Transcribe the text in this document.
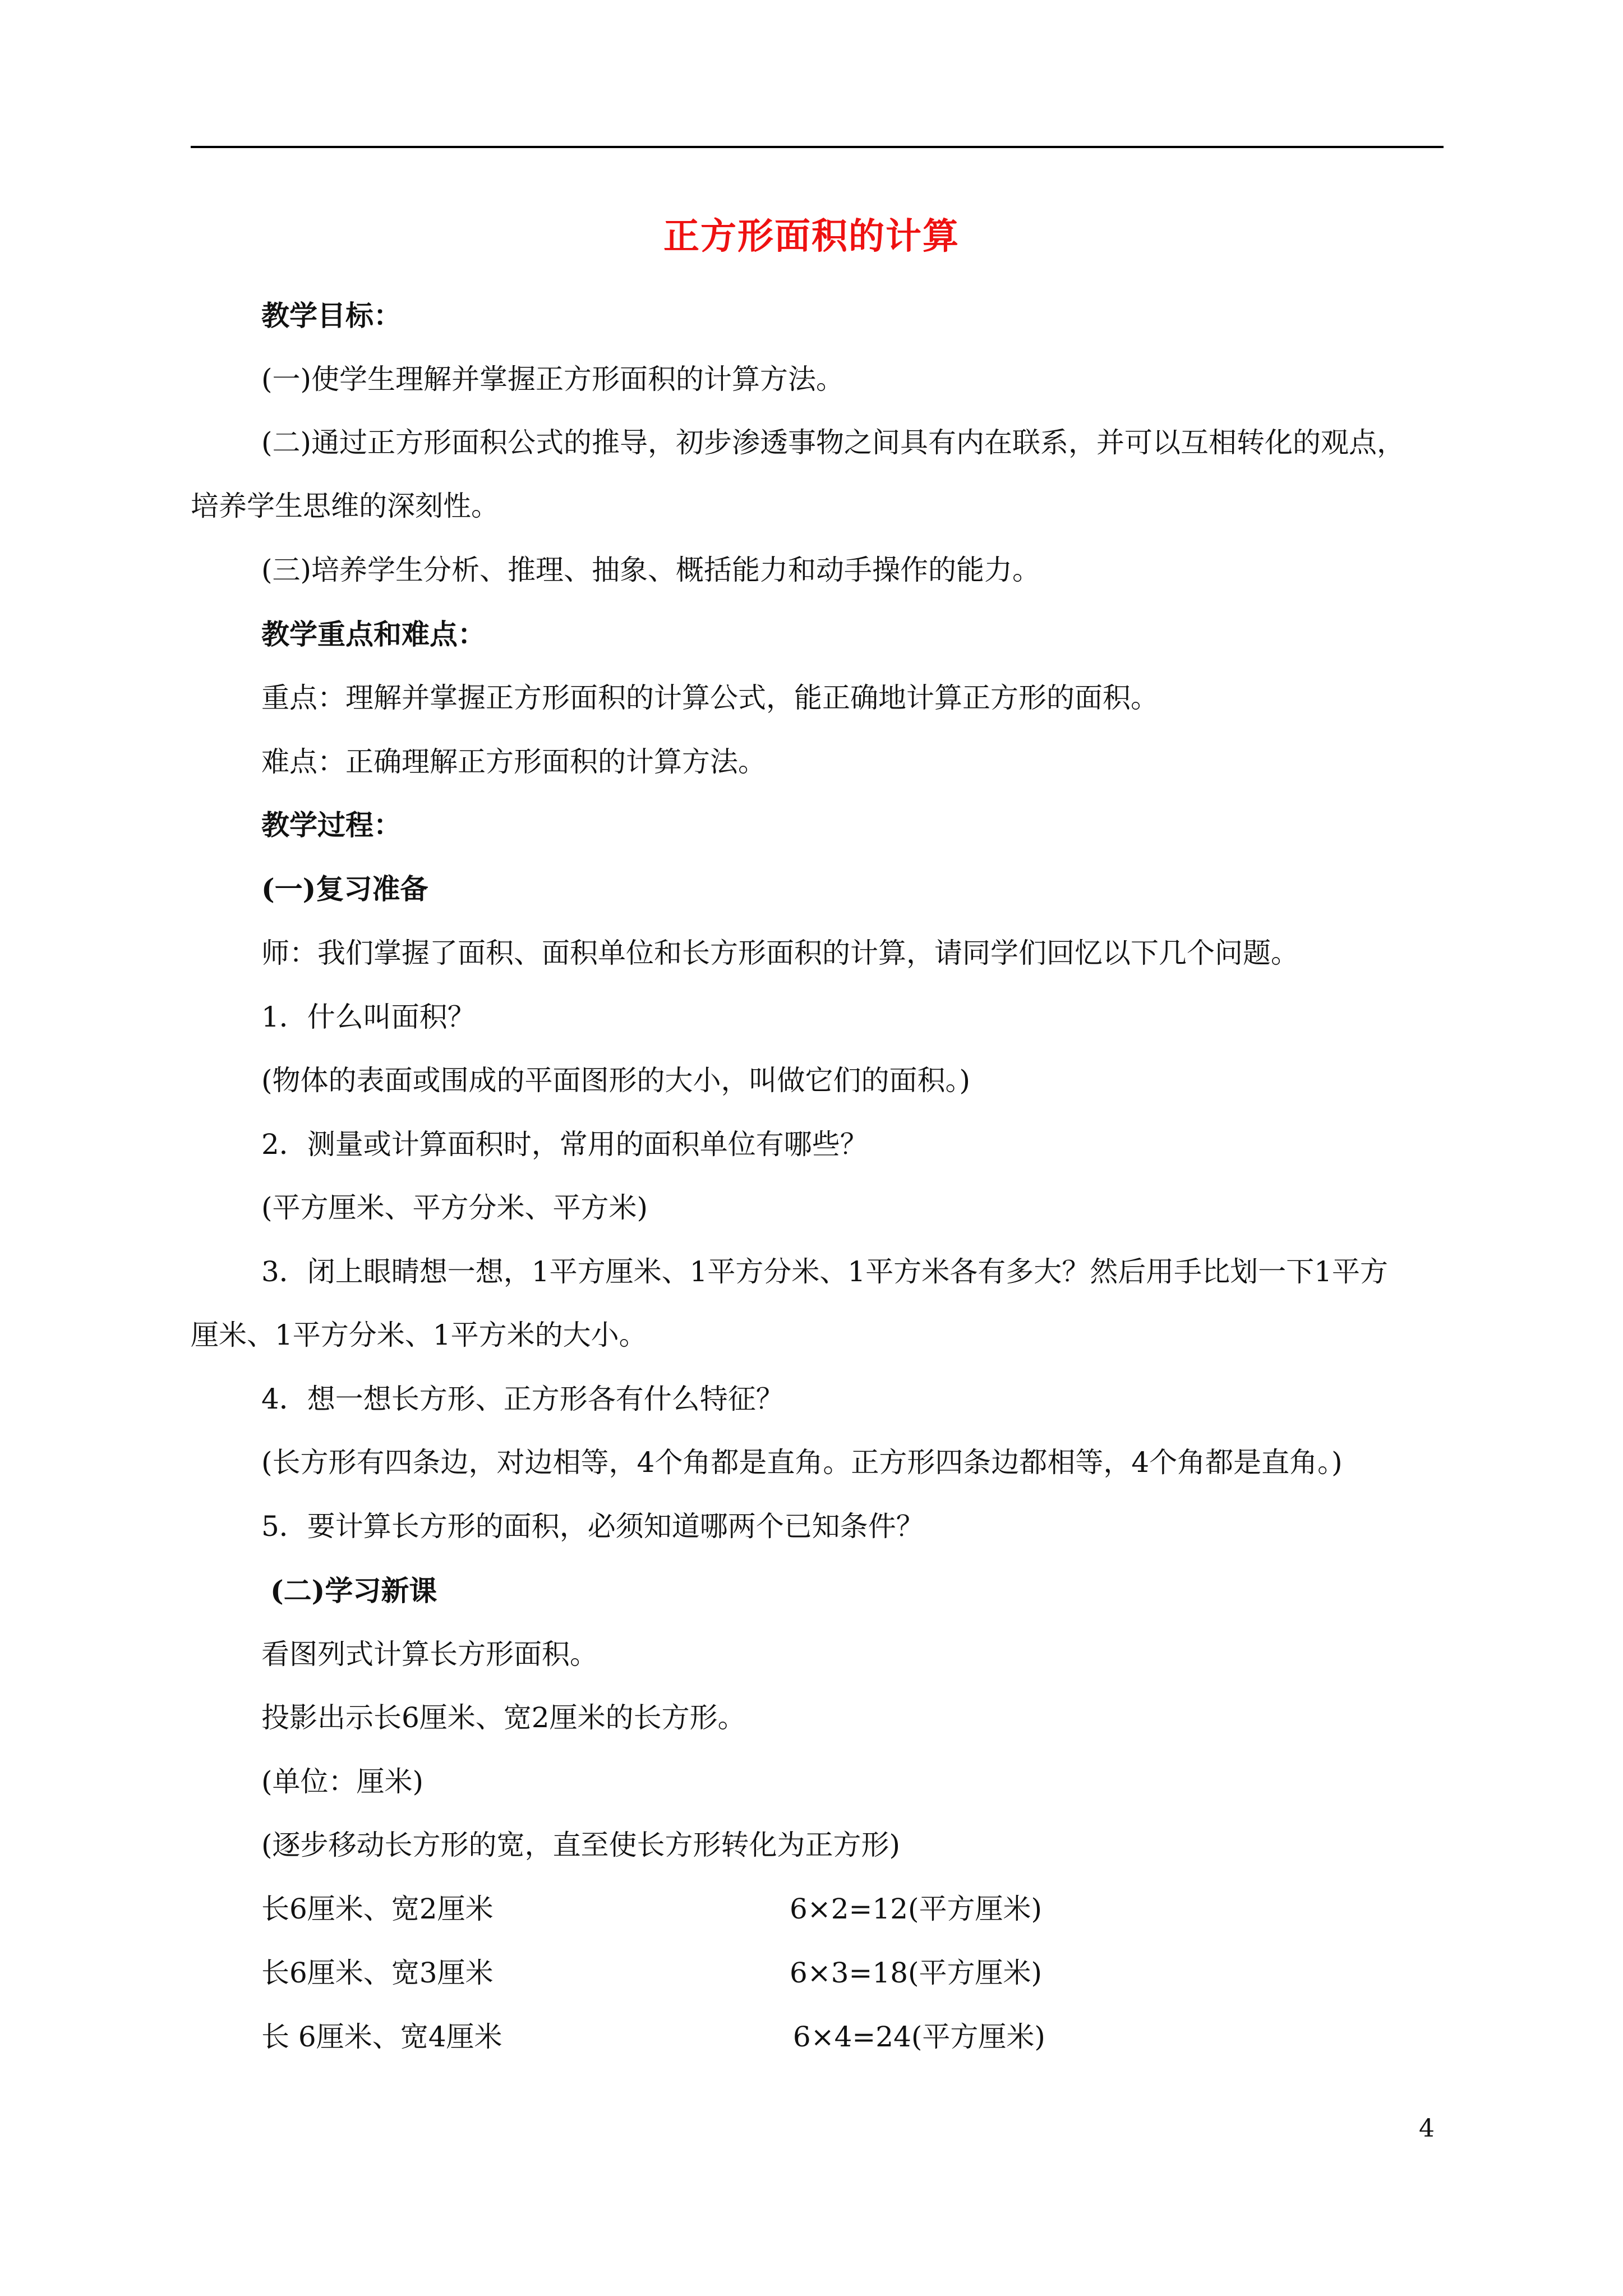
正方形面积的计算
教学目标：
(一)使学生理解并掌握正方形面积的计算方法。
(二)通过正方形面积公式的推导，初步渗透事物之间具有内在联系，并可以互相转化的观点，
培养学生思维的深刻性。
(三)培养学生分析、推理、抽象、概括能力和动手操作的能力。
教学重点和难点：
重点：理解并掌握正方形面积的计算公式，能正确地计算正方形的面积。
难点：正确理解正方形面积的计算方法。
教学过程：
(一)复习准备
师：我们掌握了面积、面积单位和长方形面积的计算，请同学们回忆以下几个问题。
1．什么叫面积？
(物体的表面或围成的平面图形的大小，叫做它们的面积。)
2．测量或计算面积时，常用的面积单位有哪些？
(平方厘米、平方分米、平方米)
3．闭上眼睛想一想，1平方厘米、1平方分米、1平方米各有多大？然后用手比划一下1平方
厘米、1平方分米、1平方米的大小。
4．想一想长方形、正方形各有什么特征？
(长方形有四条边，对边相等，4个角都是直角。正方形四条边都相等，4个角都是直角。)
5．要计算长方形的面积，必须知道哪两个已知条件？
(二)学习新课
看图列式计算长方形面积。
投影出示长6厘米、宽2厘米的长方形。
(单位：厘米)
(逐步移动长方形的宽，直至使长方形转化为正方形)
长6厘米、宽2厘米	6×2=12(平方厘米)
长6厘米、宽3厘米	6×3=18(平方厘米)
长 6厘米、宽4厘米	6×4=24(平方厘米)
4
